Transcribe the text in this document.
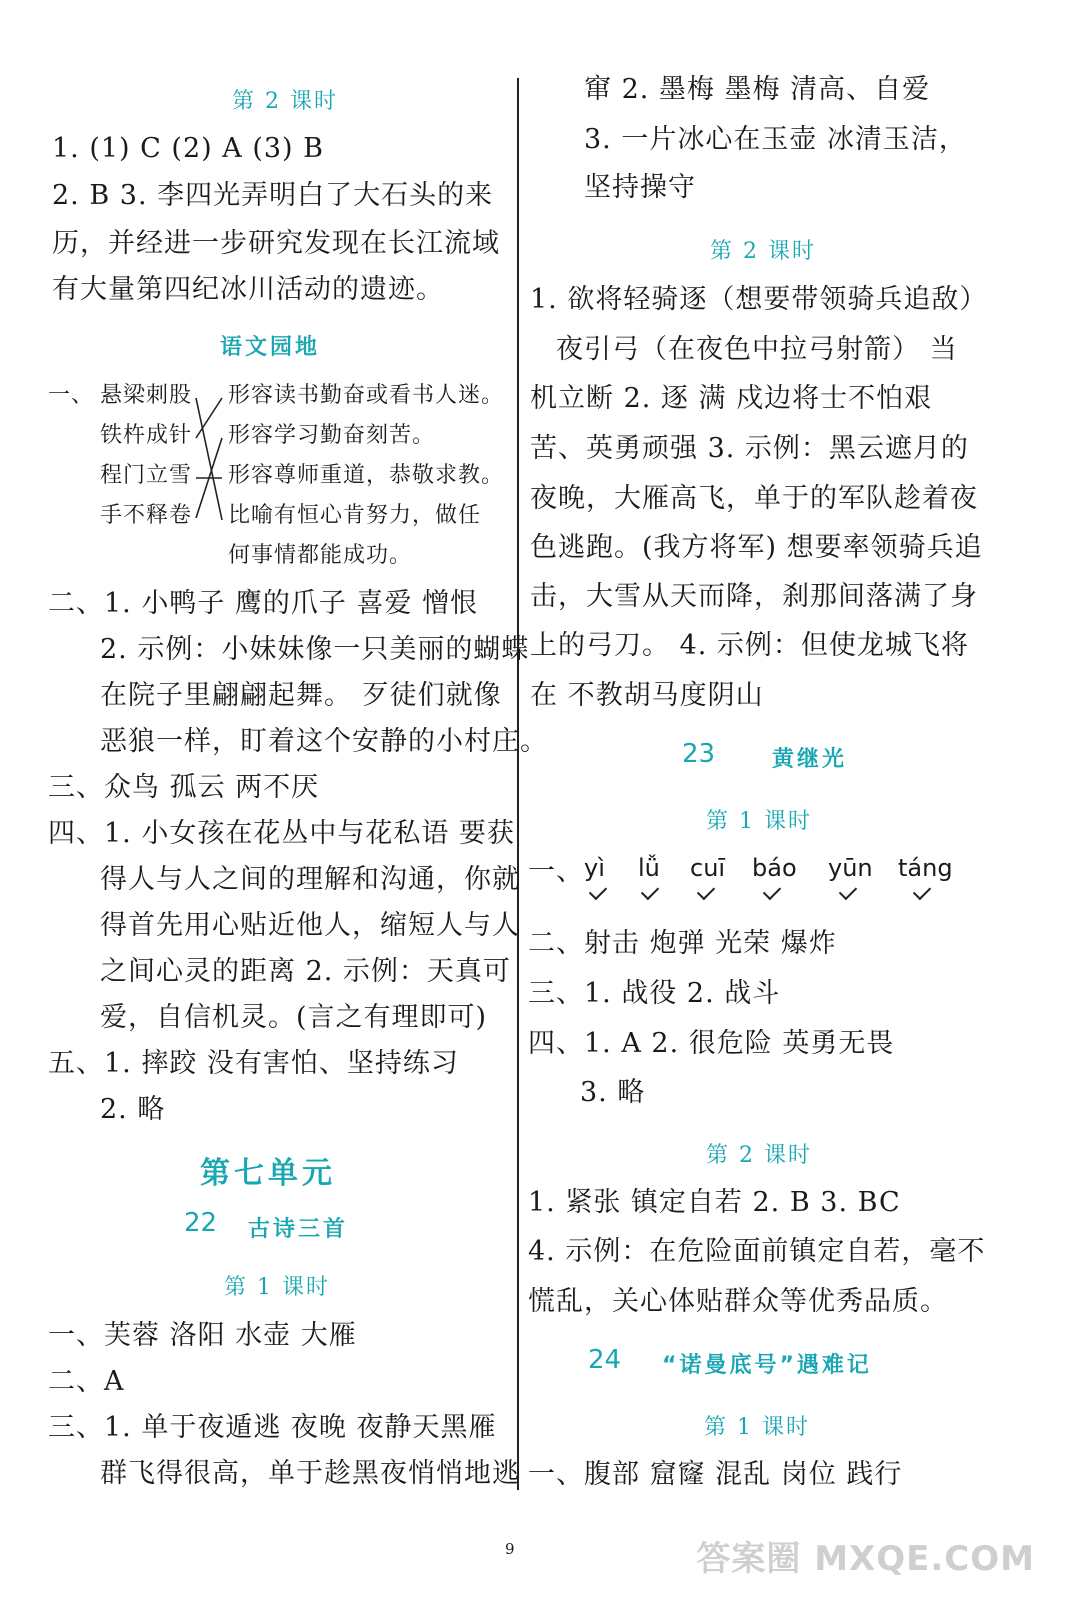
第 2 课时
1. (1) C (2) A (3) B
2. B 3. 李四光弄明白了大石头的来
历，并经进一步研究发现在长江流域
有大量第四纪冰川活动的遗迹。
语文园地
一、 悬梁刺股
铁杵成针
程门立雪
手不释卷
形容读书勤奋或看书人迷。
形容学习勤奋刻苦。
形容尊师重道，恭敬求教。
比喻有恒心肯努力，做任
何事情都能成功。
二、1. 小鸭子 鹰的爪子 喜爱 憎恨
2. 示例：小妹妹像一只美丽的蝴蝶
在院子里翩翩起舞。 歹徒们就像
恶狼一样，盯着这个安静的小村庄。
三、众鸟 孤云 两不厌
四、1. 小女孩在花丛中与花私语 要获
得人与人之间的理解和沟通，你就
得首先用心贴近他人，缩短人与人
之间心灵的距离 2. 示例：天真可
爱，自信机灵。(言之有理即可)
五、1. 摔跤 没有害怕、坚持练习
2. 略
第七单元
22 古诗三首
第 1 课时
一、芙蓉 洛阳 水壶 大雁
二、A
三、1. 单于夜遁逃 夜晚 夜静天黑雁
群飞得很高，单于趁黑夜悄悄地逃
窜 2. 墨梅 墨梅 清高、自爱
3. 一片冰心在玉壶 冰清玉洁，
坚持操守
第 2 课时
1. 欲将轻骑逐（想要带领骑兵追敌）
夜引弓（在夜色中拉弓射箭） 当
机立断 2. 逐 满 戍边将士不怕艰
苦、英勇顽强 3. 示例：黑云遮月的
夜晚，大雁高飞，单于的军队趁着夜
色逃跑。(我方将军) 想要率领骑兵追
击，大雪从天而降，刹那间落满了身
上的弓刀。 4. 示例：但使龙城飞将
在 不教胡马度阴山
23	黄继光
第 1 课时
一、 yì lǚ cuī báo yūn táng
二、射击 炮弹 光荣 爆炸
三、1. 战役 2. 战斗
四、1. A 2. 很危险 英勇无畏
3. 略
第 2 课时
1. 紧张 镇定自若 2. B 3. BC
4. 示例：在危险面前镇定自若，毫不
慌乱，关心体贴群众等优秀品质。
24 “诺曼底号”遇难记
第 1 课时
一、腹部 窟窿 混乱 岗位 践行
9	答案圈 MXQE.COM
